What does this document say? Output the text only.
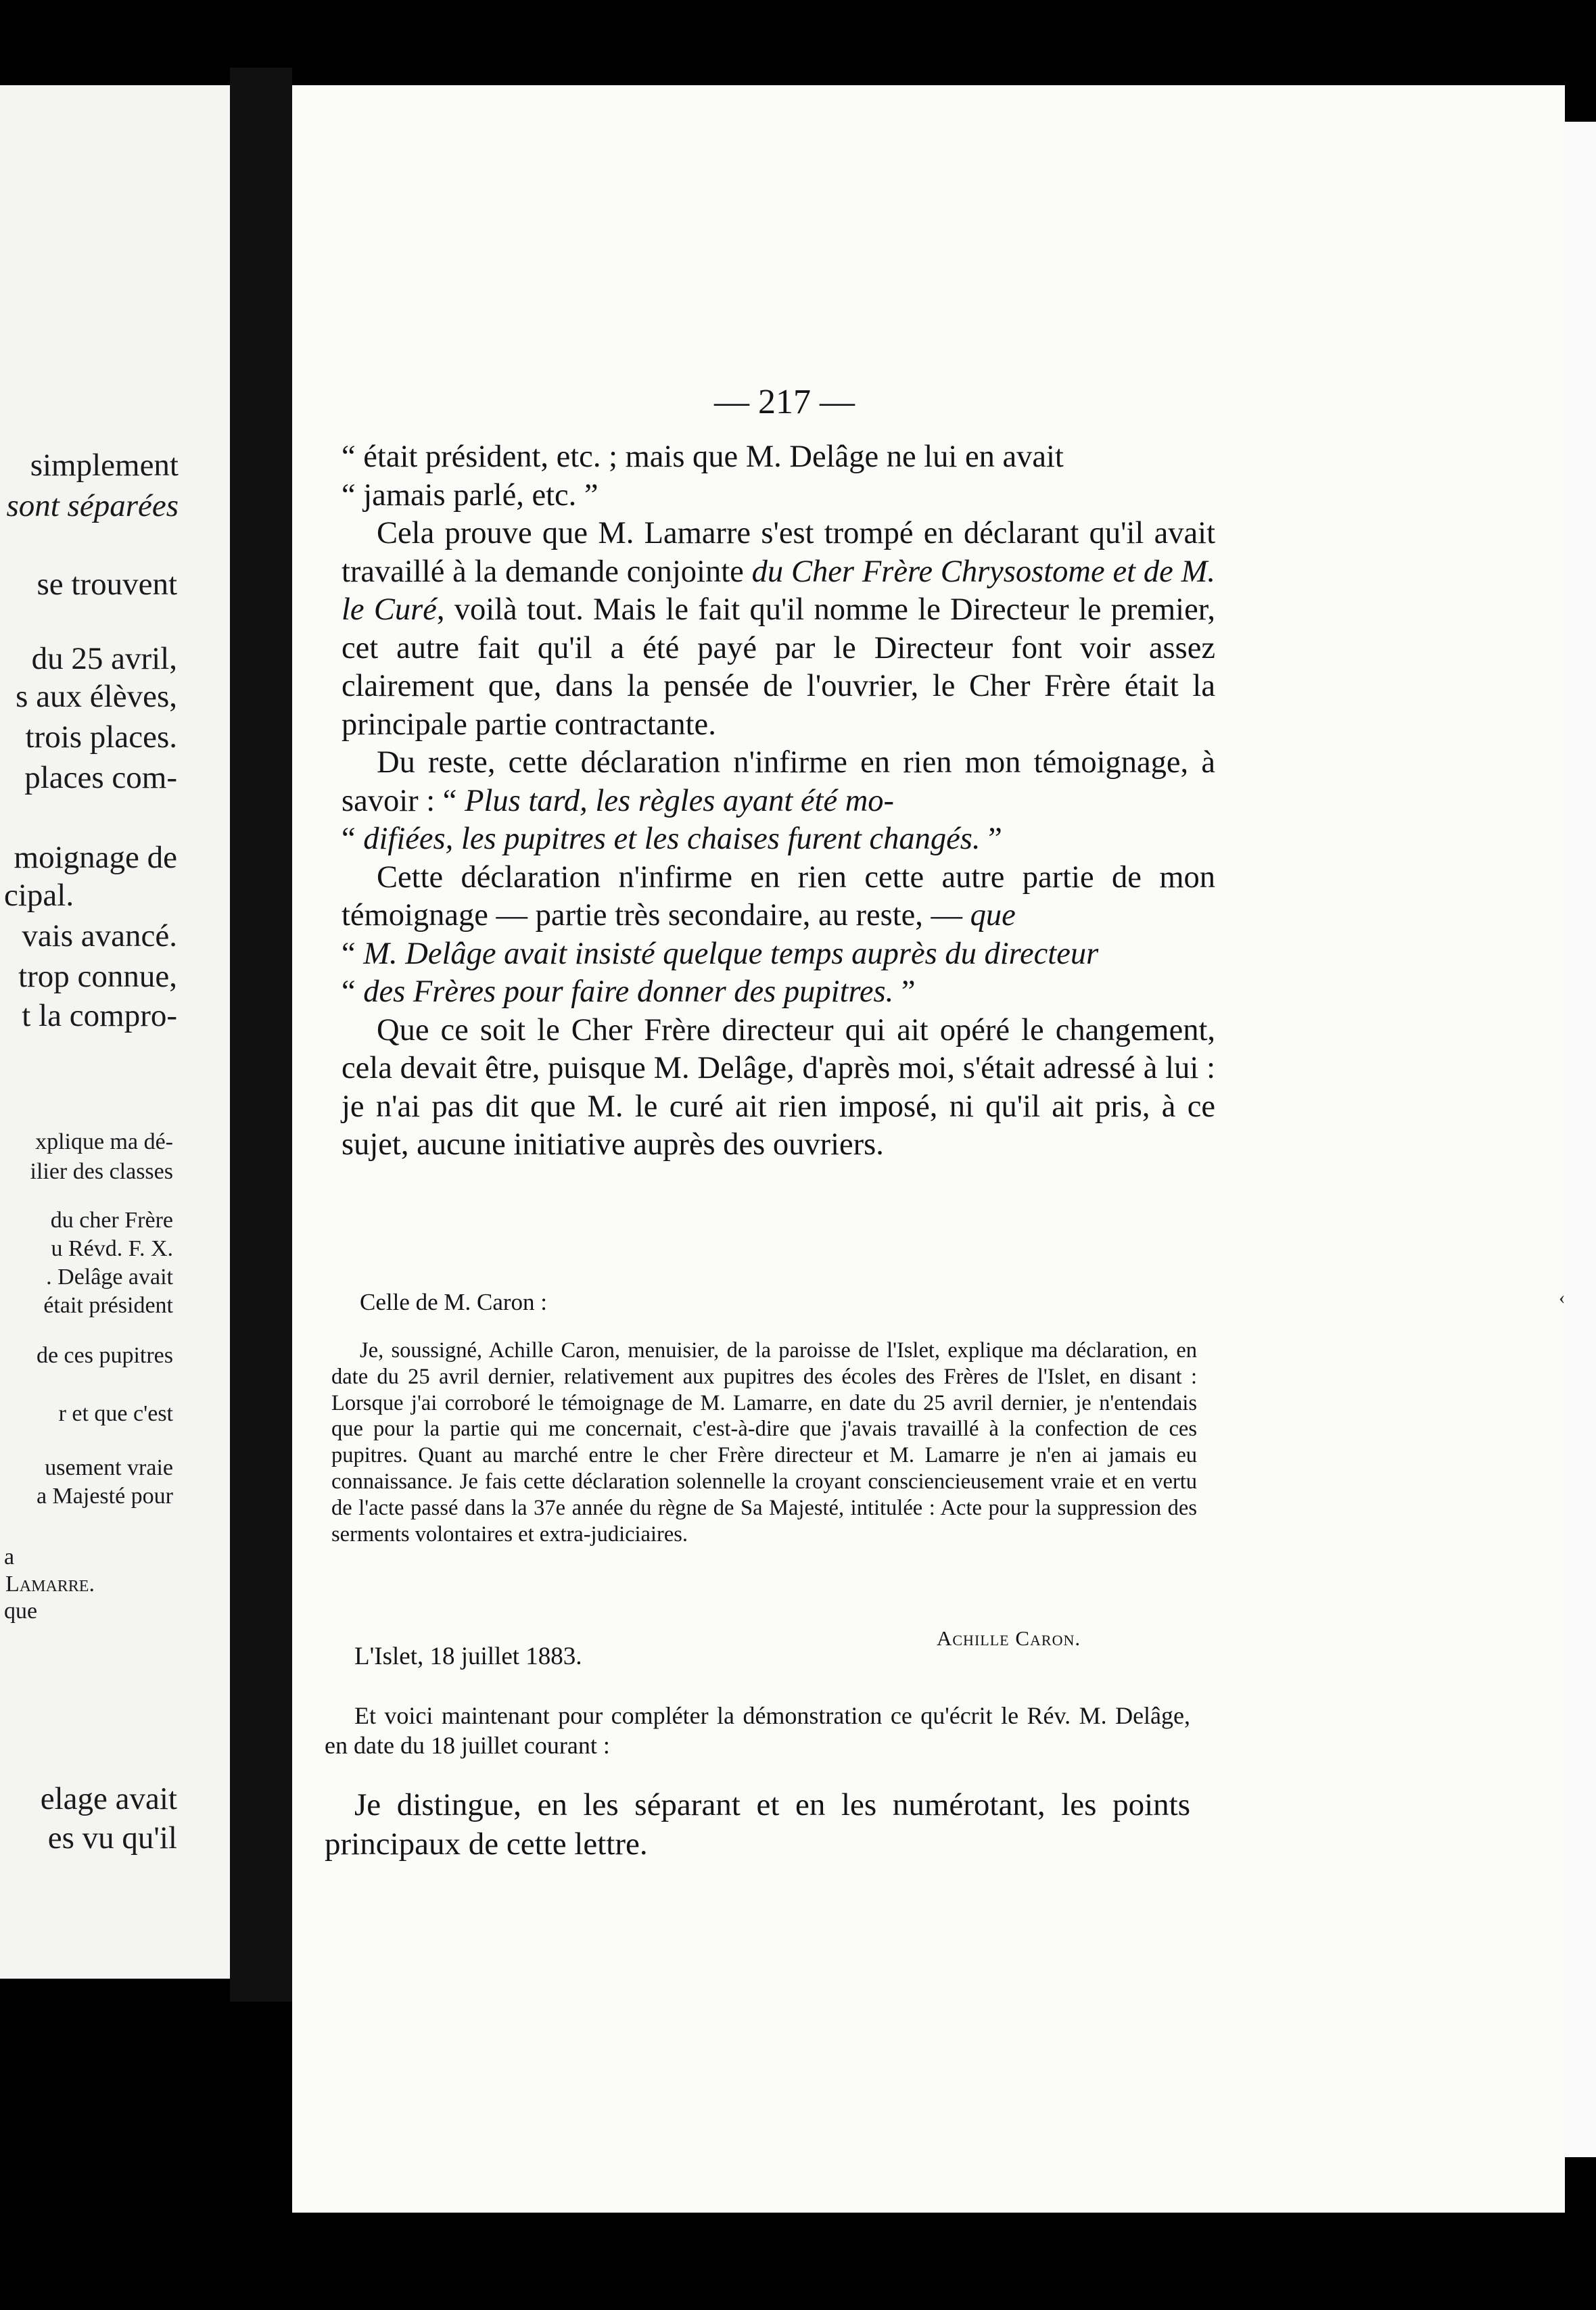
simplement
sont séparées
se trouvent
du 25 avril,
s aux élèves,
trois places.
places com-
moignage de
cipal.
vais avancé.
trop connue,
t la compro-
xplique ma dé-
ilier des classes
du cher Frère
u Révd. F. X.
. Delâge avait
était président
de ces pupitres
r et que c'est
usement vraie
a Majesté pour
a
Lamarre.
que
elage avait
es vu qu'il
‹
— 217 —

“ était président, etc. ; mais que M. Delâge ne lui en avait
“ jamais parlé, etc. ”

Cela prouve que M. Lamarre s'est trompé en déclarant qu'il avait travaillé à la demande conjointe du Cher Frère Chrysostome et de M. le Curé, voilà tout. Mais le fait qu'il nomme le Directeur le premier, cet autre fait qu'il a été payé par le Directeur font voir assez clairement que, dans la pensée de l'ouvrier, le Cher Frère était la principale partie contractante.

Du reste, cette déclaration n'infirme en rien mon témoignage, à savoir : “ Plus tard, les règles ayant été mo-
“ difiées, les pupitres et les chaises furent changés. ”

Cette déclaration n'infirme en rien cette autre partie de mon témoignage — partie très secondaire, au reste, — que
“ M. Delâge avait insisté quelque temps auprès du directeur
“ des Frères pour faire donner des pupitres. ”

Que ce soit le Cher Frère directeur qui ait opéré le changement, cela devait être, puisque M. Delâge, d'après moi, s'était adressé à lui : je n'ai pas dit que M. le curé ait rien imposé, ni qu'il ait pris, à ce sujet, aucune initiative auprès des ouvriers.

Celle de M. Caron :

Je, soussigné, Achille Caron, menuisier, de la paroisse de l'Islet, explique ma déclaration, en date du 25 avril dernier, relativement aux pupitres des écoles des Frères de l'Islet, en disant : Lorsque j'ai corroboré le témoignage de M. Lamarre, en date du 25 avril dernier, je n'entendais que pour la partie qui me concernait, c'est-à-dire que j'avais travaillé à la confection de ces pupitres. Quant au marché entre le cher Frère directeur et M. Lamarre je n'en ai jamais eu connaissance. Je fais cette déclaration solennelle la croyant consciencieusement vraie et en vertu de l'acte passé dans la 37e année du règne de Sa Majesté, intitulée : Acte pour la suppression des serments volontaires et extra-judiciaires.

Achille Caron.
L'Islet, 18 juillet 1883.

Et voici maintenant pour compléter la démonstration ce qu'écrit le Rév. M. Delâge, en date du 18 juillet courant :

Je distingue, en les séparant et en les numérotant, les points principaux de cette lettre.
